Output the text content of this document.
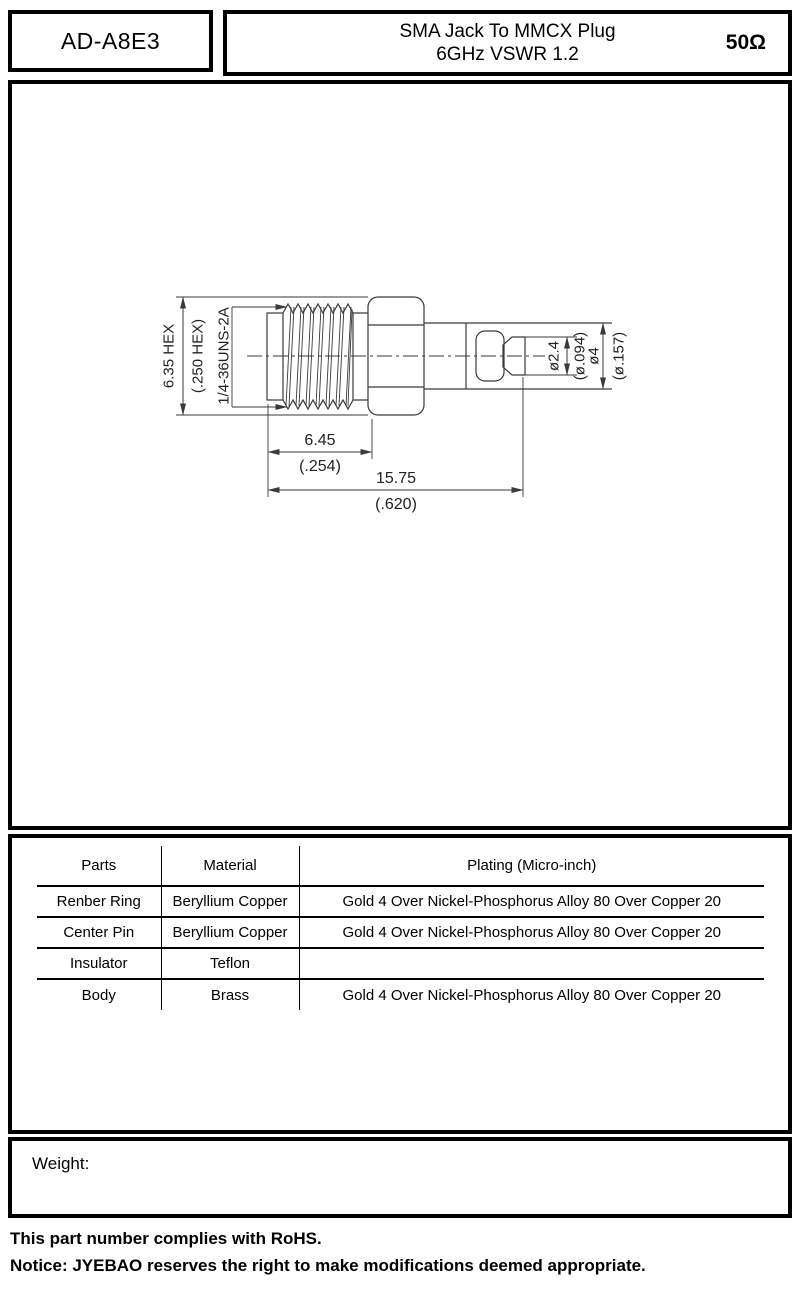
AD-A8E3	SMA Jack To MMCX Plug
6GHz VSWR 1.2
50Ω
6.35 HEX (.250 HEX) 1/4-36UNS-2A	ø2.4 (ø.094)
ø4 (ø.157)
6.45
(.254)
15.75
(.620)
Parts	Material	Plating (Micro-inch)
Renber Ring	Beryllium Copper	Gold 4 Over Nickel-Phosphorus Alloy 80 Over Copper 20
Center Pin	Beryllium Copper	Gold 4 Over Nickel-Phosphorus Alloy 80 Over Copper 20
Insulator	Teflon	
Body	Brass	Gold 4 Over Nickel-Phosphorus Alloy 80 Over Copper 20
Weight:
This part number complies with RoHS.
Notice: JYEBAO reserves the right to make modifications deemed appropriate.
